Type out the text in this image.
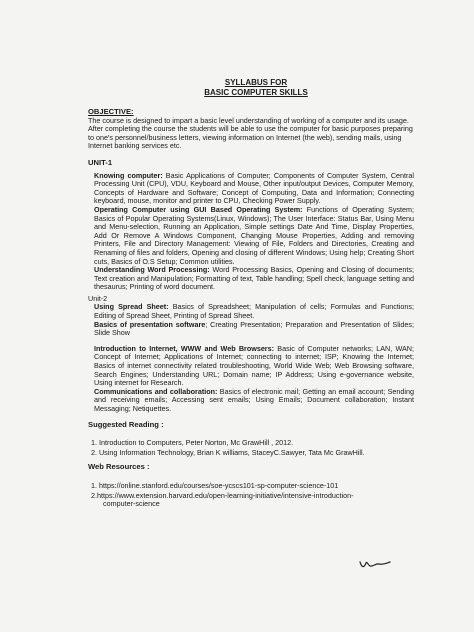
SYLLABUS FOR
BASIC COMPUTER SKILLS
OBJECTIVE:

The course is designed to impart a basic level understanding of working of a computer and its usage. After completing the course the students will be able to use the computer for basic purposes preparing to one's personnel/business letters, viewing information on Internet (the web), sending mails, using Internet banking services etc.

UNIT-1

Knowing computer: Basic Applications of Computer; Components of Computer System, Central Processing Unit (CPU), VDU, Keyboard and Mouse, Other input/output Devices, Computer Memory, Concepts of Hardware and Software; Concept of Computing, Data and Information; Connecting keyboard, mouse, monitor and printer to CPU, Checking Power Supply.

Operating Computer using GUI Based Operating System: Functions of Operating System; Basics of Popular Operating Systems(Linux, Windows); The User Interface: Status Bar, Using Menu and Menu-selection, Running an Application, Simple settings Date And Time, Display Properties, Add Or Remove A Windows Component, Changing Mouse Properties, Adding and removing Printers, File and Directory Management: Viewing of File, Folders and Directories, Creating and Renaming of files and folders, Opening and closing of different Windows; Using help; Creating Short cuts, Basics of O.S Setup; Common utilities.

Understanding Word Processing: Word Processing Basics, Opening and Closing of documents; Text creation and Manipulation; Formatting of text, Table handling; Spell check, language setting and thesaurus; Printing of word document.

Unit-2

Using Spread Sheet: Basics of Spreadsheet; Manipulation of cells; Formulas and Functions; Editing of Spread Sheet, Printing of Spread Sheet.

Basics of presentation software; Creating Presentation; Preparation and Presentation of Slides; Slide Show

Introduction to Internet, WWW and Web Browsers: Basic of Computer networks; LAN, WAN; Concept of Internet; Applications of Internet; connecting to internet; ISP; Knowing the Internet; Basics of internet connectivity related troubleshooting, World Wide Web; Web Browsing software, Search Engines; Understanding URL; Domain name; IP Address; Using e-governance website, Using internet for Research.

Communications and collaboration: Basics of electronic mail; Getting an email account; Sending and receiving emails; Accessing sent emails; Using Emails; Document collaboration; Instant Messaging; Netiquettes.

Suggested Reading :
1. Introduction to Computers, Peter Norton, Mc GrawHill , 2012.
2. Using Information Technology, Brian K williams, StaceyC.Sawyer, Tata Mc GrawHill.
Web Resources :
1. https://online.stanford.edu/courses/soe-ycscs101-sp-computer-science-101
2.https://www.extension.harvard.edu/open-learning-initiative/intensive-introduction-
computer-science
